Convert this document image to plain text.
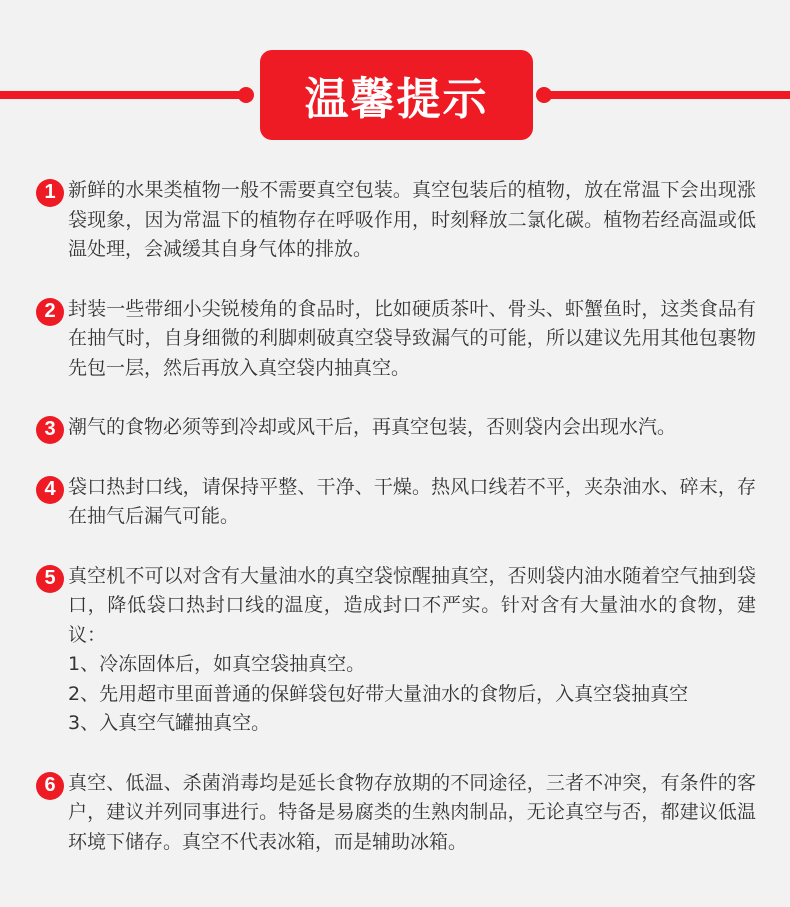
温馨提示
1 新鲜的水果类植物一般不需要真空包装。真空包装后的植物，放在常温下会出现涨袋现象，因为常温下的植物存在呼吸作用，时刻释放二氯化碳。植物若经高温或低温处理，会减缓其自身气体的排放。
2 封装一些带细小尖锐棱角的食品时，比如硬质茶叶、骨头、虾蟹鱼时，这类食品有在抽气时，自身细微的利脚刺破真空袋导致漏气的可能，所以建议先用其他包裹物先包一层，然后再放入真空袋内抽真空。
3 潮气的食物必须等到冷却或风干后，再真空包装，否则袋内会出现水汽。
4 袋口热封口线，请保持平整、干净、干燥。热风口线若不平，夹杂油水、碎末，存在抽气后漏气可能。
5 真空机不可以对含有大量油水的真空袋惊醒抽真空，否则袋内油水随着空气抽到袋口，降低袋口热封口线的温度，造成封口不严实。针对含有大量油水的食物，建议：
1、冷冻固体后，如真空袋抽真空。
2、先用超市里面普通的保鲜袋包好带大量油水的食物后，入真空袋抽真空
3、入真空气罐抽真空。
6 真空、低温、杀菌消毒均是延长食物存放期的不同途径，三者不冲突，有条件的客户，建议并列同事进行。特备是易腐类的生熟肉制品，无论真空与否，都建议低温环境下储存。真空不代表冰箱，而是辅助冰箱。
